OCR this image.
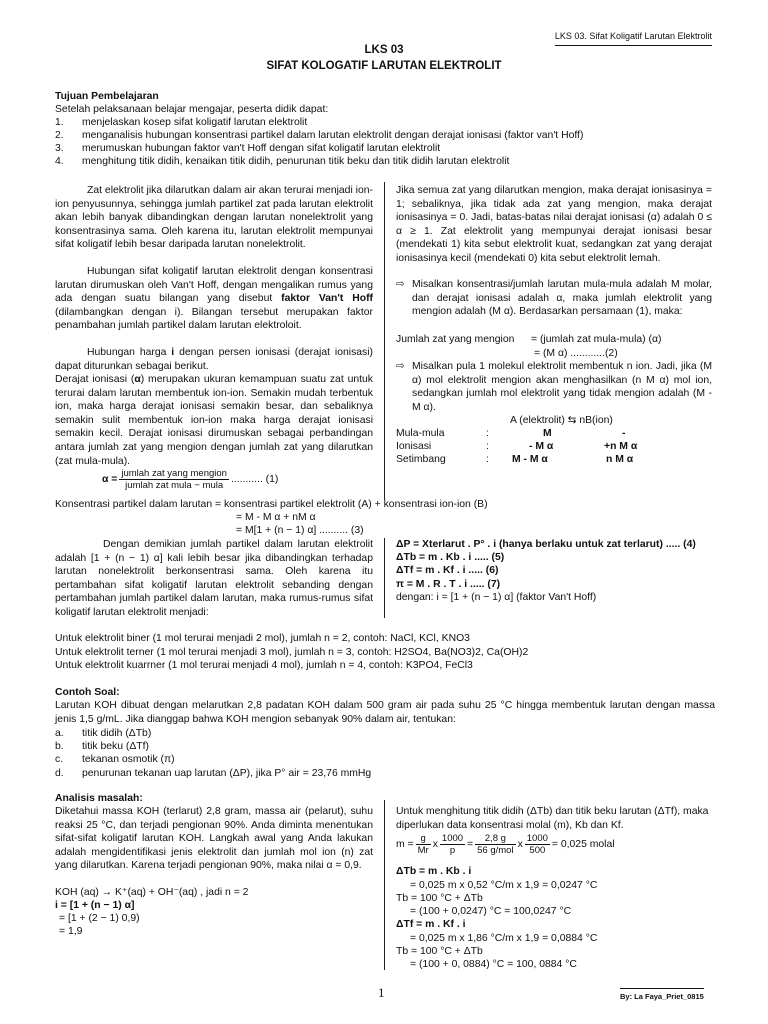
LKS 03. Sifat Koligatif Larutan Elektrolit
LKS 03
SIFAT KOLOGATIF LARUTAN ELEKTROLIT
Tujuan Pembelajaran
Setelah pelaksanaan belajar mengajar, peserta didik dapat:
1. menjelaskan kosep sifat koligatif larutan elektrolit
2. menganalisis hubungan konsentrasi partikel dalam larutan elektrolit dengan derajat ionisasi (faktor van't Hoff)
3. merumuskan hubungan faktor van't Hoff dengan sifat koligatif larutan elektrolit
4. menghitung titik didih, kenaikan titik didih, penurunan titik beku dan titik didih larutan elektrolit
Zat elektrolit jika dilarutkan dalam air akan terurai menjadi ion-ion penyusunnya, sehingga jumlah partikel zat pada larutan elektrolit akan lebih banyak dibandingkan dengan larutan nonelektrolit yang konsentrasinya sama. Oleh karena itu, larutan elektrolit mempunyai sifat koligatif lebih besar daripada larutan nonelektrolit.
Hubungan sifat koligatif larutan elektrolit dengan konsentrasi larutan dirumuskan oleh Van't Hoff, dengan mengalikan rumus yang ada dengan suatu bilangan yang disebut faktor Van't Hoff (dilambangkan dengan i). Bilangan tersebut merupakan faktor penambahan jumlah partikel dalam larutan elektroloit.
Hubungan harga i dengan persen ionisasi (derajat ionisasi) dapat diturunkan sebagai berikut.
Derajat ionisasi (α) merupakan ukuran kemampuan suatu zat untuk terurai dalam larutan membentuk ion-ion. Semakin mudah terbentuk ion, maka harga derajat ionisasi semakin besar, dan sebaliknya semakin sulit membentuk ion-ion maka harga derajat ionisasi semakin kecil. Derajat ionisasi dirumuskan sebagai perbandingan antara jumlah zat yang mengion dengan jumlah zat yang dilarutkan (zat mula-mula).
$\alpha = \frac{\text{jumlah zat yang mengion}}{\text{jumlah zat mula − mula}}$ ........... (1)
Jika semua zat yang dilarutkan mengion, maka derajat ionisasinya = 1; sebaliknya, jika tidak ada zat yang mengion, maka derajat ionisasinya = 0. Jadi, batas-batas nilai derajat ionisasi (α) adalah 0 ≤ α ≥ 1. Zat elektrolit yang mempunyai derajat ionisasi besar (mendekati 1) kita sebut elektrolit kuat, sedangkan zat yang derajat ionisasinya kecil (mendekati 0) kita sebut elektrolit lemah.
⇨ Misalkan konsentrasi/jumlah larutan mula-mula adalah M molar, dan derajat ionisasi adalah α, maka jumlah elektrolit yang mengion adalah (M α). Berdasarkan persamaan (1), maka:
Jumlah zat yang mengion = (jumlah zat mula-mula) (α)
= (M α) ............(2)
⇨ Misalkan pula 1 molekul elektrolit membentuk n ion. Jadi, jika (M α) mol elektrolit mengion akan menghasilkan (n M α) mol ion, sedangkan jumlah mol elektrolit yang tidak mengion adalah (M - M α).
A (elektrolit) ⇆ nB(ion)
Mula-mula	:	M	-
Ionisasi	:	- M α	+n M α
Setimbang	: M - M α	n M α
Konsentrasi partikel dalam larutan = konsentrasi partikel elektrolit (A) + konsentrasi ion-ion (B)
= M - M α + nM α
= M[1 + (n − 1) α] .......... (3)
Dengan demikian jumlah partikel dalam larutan elektrolit adalah [1 + (n − 1) α] kali lebih besar jika dibandingkan terhadap larutan nonelektrolit berkonsentrasi sama. Oleh karena itu pertambahan sifat koligatif larutan elektrolit sebanding dengan pertambahan jumlah partikel dalam larutan, maka rumus-rumus sifat koligatif larutan elektrolit menjadi:
ΔP = Xterlarut . P° . i (hanya berlaku untuk zat terlarut) ..... (4)
ΔTb = m . Kb . i ..... (5)
ΔTf = m . Kf . i ..... (6)
π = M . R . T . i ..... (7)
dengan: i = [1 + (n − 1) α] (faktor Van't Hoff)
Untuk elektrolit biner (1 mol terurai menjadi 2 mol), jumlah n = 2, contoh: NaCl, KCl, KNO3
Untuk elektrolit terner (1 mol terurai menjadi 3 mol), jumlah n = 3, contoh: H2SO4, Ba(NO3)2, Ca(OH)2
Untuk elektrolit kuarrner (1 mol terurai menjadi 4 mol), jumlah n = 4, contoh: K3PO4, FeCl3
Contoh Soal:
Larutan KOH dibuat dengan melarutkan 2,8 padatan KOH dalam 500 gram air pada suhu 25 °C hingga membentuk larutan dengan massa jenis 1,5 g/mL. Jika dianggap bahwa KOH mengion sebanyak 90% dalam air, tentukan:
a. titik didih (ΔTb)
b. titik beku (ΔTf)
c. tekanan osmotik (π)
d. penurunan tekanan uap larutan (ΔP), jika P° air = 23,76 mmHg
Analisis masalah:
Diketahui massa KOH (terlarut) 2,8 gram, massa air (pelarut), suhu reaksi 25 °C, dan terjadi pengionan 90%. Anda diminta menentukan sifat-sifat koligatif larutan KOH. Langkah awal yang Anda lakukan adalah mengidentifikasi jenis elektrolit dan jumlah mol ion (n) zat yang dilarutkan. Karena terjadi pengionan 90%, maka nilai α = 0,9.
KOH (aq) → K⁺(aq) + OH⁻(aq) , jadi n = 2
i = [1 + (n − 1) α]
= [1 + (2 − 1) 0,9)
= 1,9
Untuk menghitung titik didih (ΔTb) dan titik beku larutan (ΔTf), maka diperlukan data konsentrasi molal (m), Kb dan Kf.
$m = \frac{g}{Mr}$ x $\frac{1000}{p} = \frac{2,8 g}{\text{56 g/mol}}$ x $\frac{1000}{500} = 0,025$ molal
ΔTb = m . Kb . i
= 0,025 m x 0,52 °C/m x 1,9 = 0,0247 °C
Tb = 100 °C + ΔTb
= (100 + 0,0247) °C = 100,0247 °C
ΔTf = m . Kf . i
= 0,025 m x 1,86 °C/m x 1,9 = 0,0884 °C
Tb = 100 °C + ΔTb
= (100 + 0, 0884) °C = 100, 0884 °C
1	By: La Faya_Priet_0815
